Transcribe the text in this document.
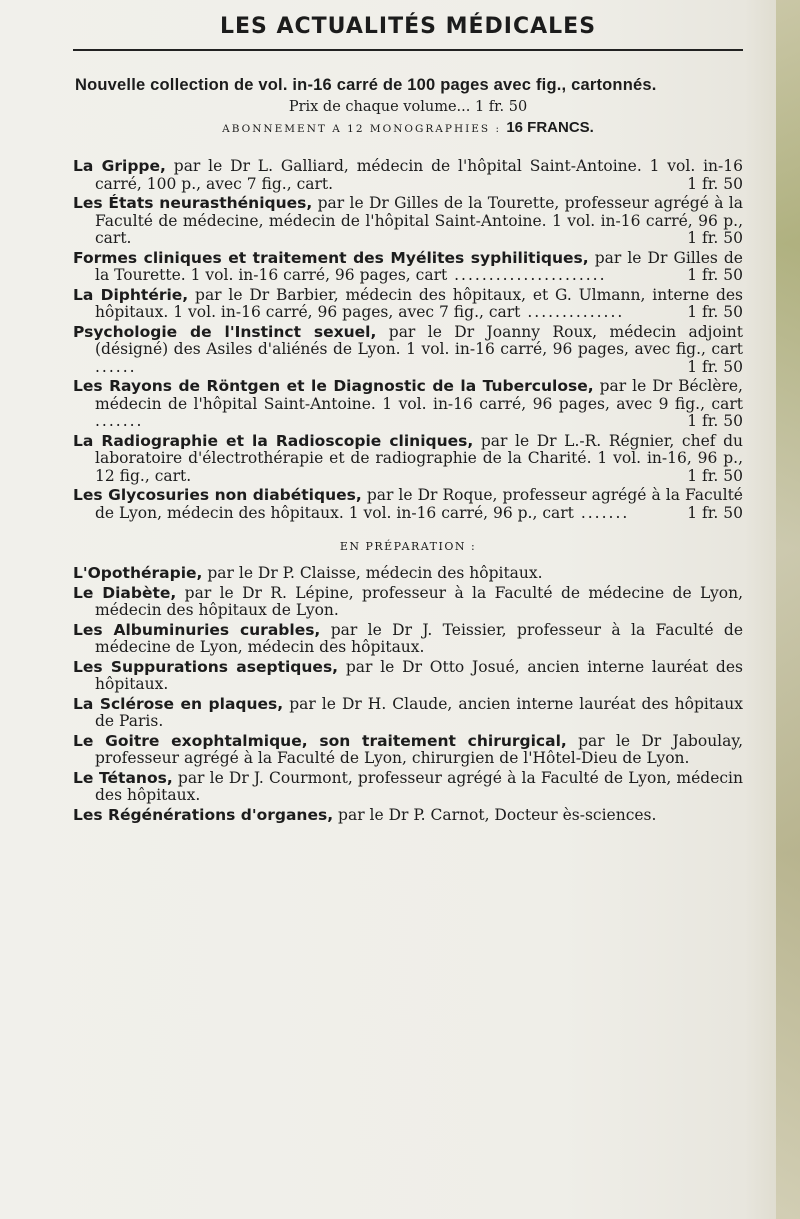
LES ACTUALITÉS MÉDICALES
Nouvelle collection de vol. in-16 carré de 100 pages avec fig., cartonnés.
Prix de chaque volume... 1 fr. 50
ABONNEMENT A 12 MONOGRAPHIES : 16 FRANCS.

La Grippe, par le Dr L. Galliard, médecin de l'hôpital Saint-Antoine. 1 vol. in-16 carré, 100 p., avec 7 fig., cart.	1 fr. 50

Les États neurasthéniques, par le Dr Gilles de la Tourette, professeur agrégé à la Faculté de médecine, médecin de l'hôpital Saint-Antoine. 1 vol. in-16 carré, 96 p., cart.	1 fr. 50

Formes cliniques et traitement des Myélites syphilitiques, par le Dr Gilles de la Tourette. 1 vol. in-16 carré, 96 pages, cart ......................	1 fr. 50

La Diphtérie, par le Dr Barbier, médecin des hôpitaux, et G. Ulmann, interne des hôpitaux. 1 vol. in-16 carré, 96 pages, avec 7 fig., cart ..............	1 fr. 50

Psychologie de l'Instinct sexuel, par le Dr Joanny Roux, médecin adjoint (désigné) des Asiles d'aliénés de Lyon. 1 vol. in-16 carré, 96 pages, avec fig., cart ......	1 fr. 50

Les Rayons de Röntgen et le Diagnostic de la Tuberculose, par le Dr Béclère, médecin de l'hôpital Saint-Antoine. 1 vol. in-16 carré, 96 pages, avec 9 fig., cart .......	1 fr. 50

La Radiographie et la Radioscopie cliniques, par le Dr L.-R. Régnier, chef du laboratoire d'électrothérapie et de radiographie de la Charité. 1 vol. in-16, 96 p., 12 fig., cart.	1 fr. 50

Les Glycosuries non diabétiques, par le Dr Roque, professeur agrégé à la Faculté de Lyon, médecin des hôpitaux. 1 vol. in-16 carré, 96 p., cart .......	1 fr. 50

EN PRÉPARATION :

L'Opothérapie, par le Dr P. Claisse, médecin des hôpitaux.

Le Diabète, par le Dr R. Lépine, professeur à la Faculté de médecine de Lyon, médecin des hôpitaux de Lyon.

Les Albuminuries curables, par le Dr J. Teissier, professeur à la Faculté de médecine de Lyon, médecin des hôpitaux.

Les Suppurations aseptiques, par le Dr Otto Josué, ancien interne lauréat des hôpitaux.

La Sclérose en plaques, par le Dr H. Claude, ancien interne lauréat des hôpitaux de Paris.

Le Goitre exophtalmique, son traitement chirurgical, par le Dr Jaboulay, professeur agrégé à la Faculté de Lyon, chirurgien de l'Hôtel-Dieu de Lyon.

Le Tétanos, par le Dr J. Courmont, professeur agrégé à la Faculté de Lyon, médecin des hôpitaux.

Les Régénérations d'organes, par le Dr P. Carnot, Docteur ès-sciences.
